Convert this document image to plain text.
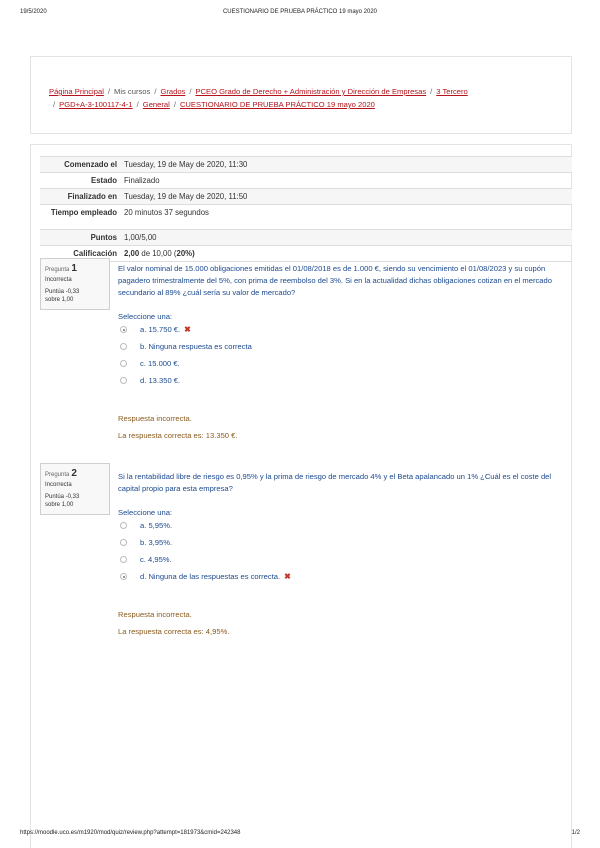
19/5/2020	CUESTIONARIO DE PRUEBA PRÁCTICO 19 mayo 2020
Página Principal / Mis cursos / Grados / PCEO Grado de Derecho + Administración y Dirección de Empresas / 3 Tercero
/ PGD+A-3-100117-4-1 / General / CUESTIONARIO DE PRUEBA PRÁCTICO 19 mayo 2020
Comenzado el Tuesday, 19 de May de 2020, 11:30
Estado Finalizado
Finalizado en Tuesday, 19 de May de 2020, 11:50
Tiempo empleado 20 minutos 37 segundos
Puntos 1,00/5,00
Calificación 2,00 de 10,00 (20%)
Pregunta 1
Incorrecta
Puntúa -0,33
sobre 1,00
El valor nominal de 15.000 obligaciones emitidas el 01/08/2018 es de 1.000 €, siendo su vencimiento el 01/08/2023 y su cupón pagadero trimestralmente del 5%, con prima de reembolso del 3%. Si en la actualidad dichas obligaciones cotizan en el mercado secundario al 89% ¿cuál sería su valor de mercado?
Seleccione una:
a. 15.750 €. ✖
b. Ninguna respuesta es correcta
c. 15.000 €.
d. 13.350 €.
Respuesta incorrecta.
La respuesta correcta es: 13.350 €.
Pregunta 2
Incorrecta
Puntúa -0,33
sobre 1,00
Si la rentabilidad libre de riesgo es 0,95% y la prima de riesgo de mercado 4% y el Beta apalancado un 1% ¿Cuál es el coste del capital propio para esta empresa?
Seleccione una:
a. 5,95%.
b. 3,95%.
c. 4,95%.
d. Ninguna de las respuestas es correcta. ✖
Respuesta incorrecta.
La respuesta correcta es: 4,95%.
https://moodle.uco.es/m1920/mod/quiz/review.php?attempt=181973&cmid=242348	1/2
